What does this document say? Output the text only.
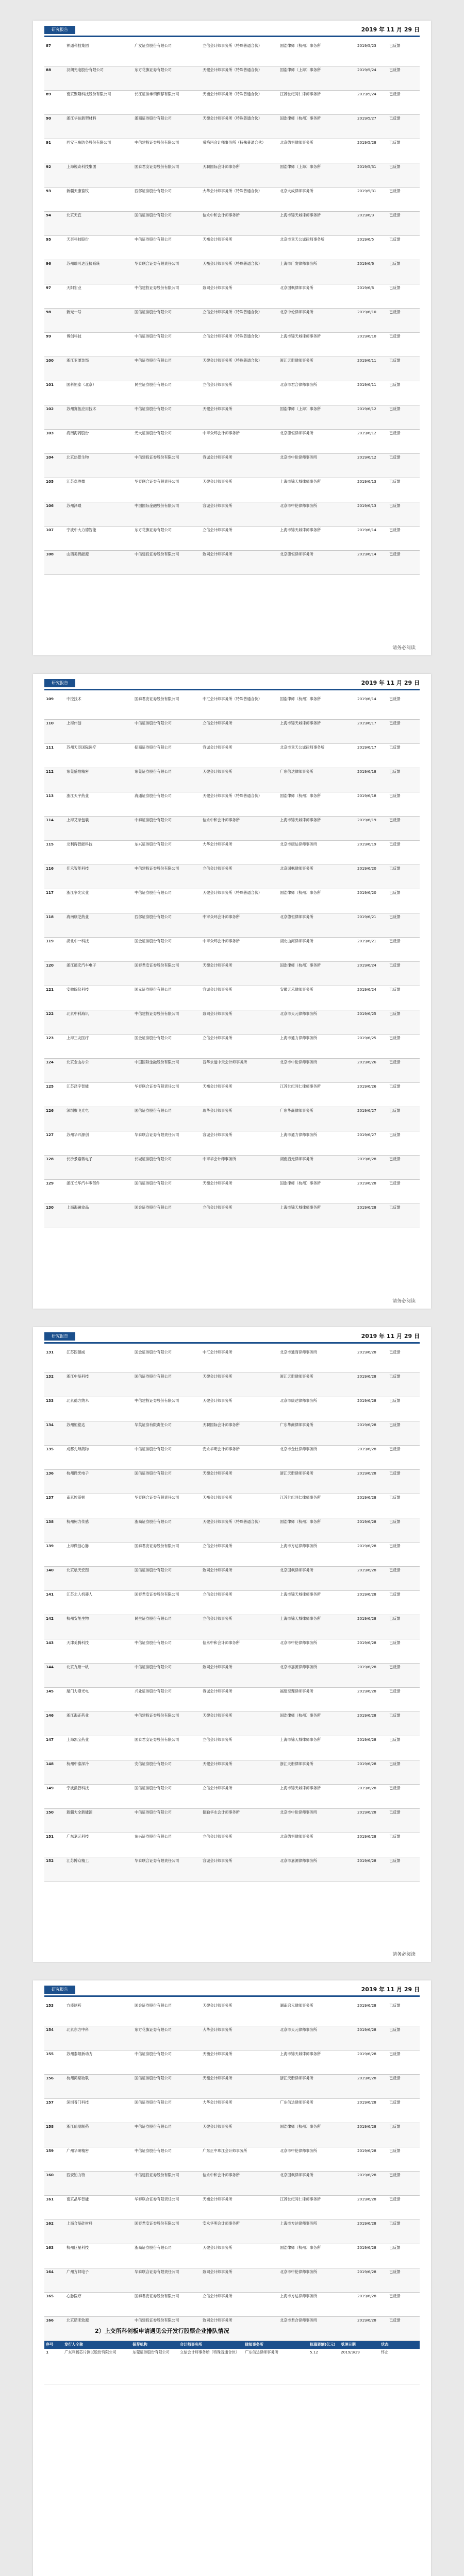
研究报告	2019 年 11 月 29 日
87	神通科技集团	广发证券股份有限公司	立信会计师事务所（特殊普通合伙）	国浩律师（杭州）事务所	2019/5/23	已反馈
88	汉朗光电股份有限公司	东方花旗证券有限公司	天健会计师事务所（特殊普通合伙）	国浩律师（上海）事务所	2019/5/24	已反馈
89	南京聚隆科技股份有限公司	长江证券承销保荐有限公司	天衡会计师事务所（特殊普通合伙）	江苏世纪同仁律师事务所	2019/5/24	已反馈
90	浙江华达新型材料	浙商证券股份有限公司	天健会计师事务所（特殊普通合伙）	国浩律师（杭州）事务所	2019/5/27	已反馈
91	西安三角防务股份有限公司	中信建投证券股份有限公司	希格玛会计师事务所（特殊普通合伙）	北京德恒律师事务所	2019/5/28	已反馈
92	上海锐奇科技集团	国泰君安证券股份有限公司	天职国际会计师事务所	国浩律师（上海）事务所	2019/5/31	已反馈
93	新疆天康畜牧	西部证券股份有限公司	大华会计师事务所（特殊普通合伙）	北京大成律师事务所	2019/5/31	已反馈
94	北京天宜	国信证券股份有限公司	信永中和会计师事务所	上海市锦天城律师事务所	2019/6/3	已反馈
95	天奈科技股份	中信证券股份有限公司	天衡会计师事务所	北京市竞天公诚律师事务所	2019/6/5	已反馈
96	苏州瑞可达连接系统	华泰联合证券有限责任公司	天衡会计师事务所（特殊普通合伙）	上海市广发律师事务所	2019/6/6	已反馈
97	天阳宏业	中信建投证券股份有限公司	致同会计师事务所	北京国枫律师事务所	2019/6/6	已反馈
98	新光一号	国信证券股份有限公司	立信会计师事务所（特殊普通合伙）	北京中伦律师事务所	2019/6/10	已反馈
99	博创科技	中信证券股份有限公司	立信会计师事务所（特殊普通合伙）	上海市锦天城律师事务所	2019/6/10	已反馈
100	浙江亚厦装饰	中信证券股份有限公司	天健会计师事务所（特殊普通合伙）	浙江天册律师事务所	2019/6/11	已反馈
101	国科恒泰（北京）	民生证券股份有限公司	立信会计师事务所	北京市君合律师事务所	2019/6/11	已反馈
102	苏州赛伍应用技术	中信证券股份有限公司	天健会计师事务所	国浩律师（上海）事务所	2019/6/12	已反馈
103	海南海药股份	光大证券股份有限公司	中审众环会计师事务所	北京德恒律师事务所	2019/6/12	已反馈
104	北京热景生物	中信建投证券股份有限公司	容诚会计师事务所	北京市中伦律师事务所	2019/6/12	已反馈
105	江苏卓胜微	华泰联合证券有限责任公司	天健会计师事务所	上海市锦天城律师事务所	2019/6/13	已反馈
106	苏州泽璟	中国国际金融股份有限公司	容诚会计师事务所	北京市中伦律师事务所	2019/6/13	已反馈
107	宁波中大力德智能	东方花旗证券有限公司	立信会计师事务所	上海市锦天城律师事务所	2019/6/14	已反馈
108	山西美锦能源	中信建投证券股份有限公司	致同会计师事务所	北京德恒律师事务所	2019/6/14	已反馈
请务必阅读
研究报告	2019 年 11 月 29 日
109	中控技术	国泰君安证券股份有限公司	中汇会计师事务所（特殊普通合伙）	国浩律师（杭州）事务所	2019/6/14	已反馈
110	上海伟创	中信证券股份有限公司	立信会计师事务所	上海市锦天城律师事务所	2019/6/17	已反馈
111	苏州天臣国际医疗	招商证券股份有限公司	容诚会计师事务所	北京市竞天公诚律师事务所	2019/6/17	已反馈
112	东莞盛翔精密	东莞证券股份有限公司	天健会计师事务所	广东信达律师事务所	2019/6/18	已反馈
113	浙江天宇药业	海通证券股份有限公司	天健会计师事务所（特殊普通合伙）	国浩律师（杭州）事务所	2019/6/18	已反馈
114	上海艾录包装	中泰证券股份有限公司	信永中和会计师事务所	上海市锦天城律师事务所	2019/6/19	已反馈
115	龙利得智能科技	东兴证券股份有限公司	大华会计师事务所	北京市康达律师事务所	2019/6/19	已反馈
116	佳禾智能科技	中信建投证券股份有限公司	立信会计师事务所	北京国枫律师事务所	2019/6/20	已反馈
117	浙江争光实业	中信证券股份有限公司	天健会计师事务所（特殊普通合伙）	国浩律师（杭州）事务所	2019/6/20	已反馈
118	海南康芝药业	西部证券股份有限公司	中审众环会计师事务所	北京德恒律师事务所	2019/6/21	已反馈
119	湖北中一科技	国金证券股份有限公司	中审众环会计师事务所	湖北山河律师事务所	2019/6/21	已反馈
120	浙江德宏汽车电子	国泰君安证券股份有限公司	天健会计师事务所	国浩律师（杭州）事务所	2019/6/24	已反馈
121	安徽皖仪科技	国元证券股份有限公司	容诚会计师事务所	安徽天禾律师事务所	2019/6/24	已反馈
122	北京中科海讯	中信建投证券股份有限公司	致同会计师事务所	北京市天元律师事务所	2019/6/25	已反馈
123	上海三友医疗	国金证券股份有限公司	立信会计师事务所	上海市通力律师事务所	2019/6/25	已反馈
124	北京金山办公	中国国际金融股份有限公司	普华永道中天会计师事务所	北京市中伦律师事务所	2019/6/26	已反馈
125	江苏泽宇智能	华泰联合证券有限责任公司	天衡会计师事务所	江苏世纪同仁律师事务所	2019/6/26	已反馈
126	深圳聚飞光电	国信证券股份有限公司	瑞华会计师事务所	广东华商律师事务所	2019/6/27	已反馈
127	苏州华兴源创	华泰联合证券有限责任公司	容诚会计师事务所	上海市通力律师事务所	2019/6/27	已反馈
128	长沙景嘉微电子	长城证券股份有限公司	中审华会计师事务所	湖南启元律师事务所	2019/6/28	已反馈
129	浙江长华汽车零部件	国信证券股份有限公司	天健会计师事务所	国浩律师（杭州）事务所	2019/6/28	已反馈
130	上海海融食品	国金证券股份有限公司	立信会计师事务所	上海市锦天城律师事务所	2019/6/28	已反馈
请务必阅读
研究报告	2019 年 11 月 29 日
131	江苏固德威	国金证券股份有限公司	中汇会计师事务所	北京市通商律师事务所	2019/6/28	已反馈
132	浙江中晶科技	国信证券股份有限公司	天健会计师事务所	浙江天册律师事务所	2019/6/28	已反馈
133	北京德方纳米	中信建投证券股份有限公司	天健会计师事务所	北京市康达律师事务所	2019/6/28	已反馈
134	苏州恒铭达	华英证券有限责任公司	天职国际会计师事务所	广东华商律师事务所	2019/6/28	已反馈
135	成都先导药物	中信证券股份有限公司	安永华明会计师事务所	北京市金杜律师事务所	2019/6/28	已反馈
136	杭州微光电子	国信证券股份有限公司	天健会计师事务所	浙江天册律师事务所	2019/6/28	已反馈
137	南京埃斯顿	华泰联合证券有限责任公司	天衡会计师事务所	江苏世纪同仁律师事务所	2019/6/28	已反馈
138	杭州柯力传感	浙商证券股份有限公司	天健会计师事务所（特殊普通合伙）	国浩律师（杭州）事务所	2019/6/28	已反馈
139	上海微创心脉	国泰君安证券股份有限公司	立信会计师事务所	上海市方达律师事务所	2019/6/28	已反馈
140	北京航天宏图	国信证券股份有限公司	致同会计师事务所	北京国枫律师事务所	2019/6/28	已反馈
141	江苏北人机器人	国泰君安证券股份有限公司	立信会计师事务所	上海市锦天城律师事务所	2019/6/28	已反馈
142	杭州安旭生物	民生证券股份有限公司	立信会计师事务所	上海市锦天城律师事务所	2019/6/28	已反馈
143	天津美腾科技	中信证券股份有限公司	信永中和会计师事务所	北京市中伦律师事务所	2019/6/28	已反馈
144	北京九州一轨	中信证券股份有限公司	致同会计师事务所	北京市嘉源律师事务所	2019/6/28	已反馈
145	厦门力鼎光电	兴业证券股份有限公司	容诚会计师事务所	福建至理律师事务所	2019/6/28	已反馈
146	浙江海正药业	中信建投证券股份有限公司	天健会计师事务所	国浩律师（杭州）事务所	2019/6/28	已反馈
147	上海凯宝药业	国泰君安证券股份有限公司	立信会计师事务所	上海市锦天城律师事务所	2019/6/28	已反馈
148	杭州中泰深冷	安信证券股份有限公司	天健会计师事务所	浙江天册律师事务所	2019/6/28	已反馈
149	宁波激智科技	国信证券股份有限公司	立信会计师事务所	上海市锦天城律师事务所	2019/6/28	已反馈
150	新疆大全新能源	中信证券股份有限公司	德勤华永会计师事务所	北京市中伦律师事务所	2019/6/28	已反馈
151	广东嘉元科技	东兴证券股份有限公司	立信会计师事务所	北京德恒律师事务所	2019/6/28	已反馈
152	江苏博众精工	华泰联合证券有限责任公司	容诚会计师事务所	北京市嘉源律师事务所	2019/6/28	已反馈
请务必阅读
研究报告	2019 年 11 月 29 日
153	方盛制药	国金证券股份有限公司	天健会计师事务所	湖南启元律师事务所	2019/6/28	已反馈
154	北京东方中科	东方花旗证券有限公司	大华会计师事务所	北京市天元律师事务所	2019/6/28	已反馈
155	苏州泰坦新动力	中信证券股份有限公司	天衡会计师事务所	上海市锦天城律师事务所	2019/6/28	已反馈
156	杭州鸿泉物联	国信证券股份有限公司	天健会计师事务所	浙江天册律师事务所	2019/6/28	已反馈
157	深圳普门科技	国信证券股份有限公司	大华会计师事务所	广东信达律师事务所	2019/6/28	已反馈
158	浙江仙琚制药	中信证券股份有限公司	天健会计师事务所	国浩律师（杭州）事务所	2019/6/28	已反馈
159	广州华研精密	中信证券股份有限公司	广东正中珠江会计师事务所	北京市中伦律师事务所	2019/6/28	已反馈
160	西安铂力特	中信建投证券股份有限公司	信永中和会计师事务所	北京国枫律师事务所	2019/6/28	已反馈
161	南京晶华智能	华泰联合证券有限责任公司	天衡会计师事务所	江苏世纪同仁律师事务所	2019/6/28	已反馈
162	上海合晶硅材料	国泰君安证券股份有限公司	安永华明会计师事务所	上海市方达律师事务所	2019/6/28	已反馈
163	杭州巨星科技	浙商证券股份有限公司	天健会计师事务所	国浩律师（杭州）事务所	2019/6/28	已反馈
164	广州方邦电子	华泰联合证券有限责任公司	致同会计师事务所	北京市中伦律师事务所	2019/6/28	已反馈
165	心脉医疗	国泰君安证券股份有限公司	立信会计师事务所	上海市方达律师事务所	2019/6/28	已反馈
166	北京诺禾致源	中信建投证券股份有限公司	致同会计师事务所	北京市君合律师事务所	2019/6/28	已反馈
2）上交所科创板申请遇见公开发行股票企业排队情况
序号	发行人全称	保荐机构	会计师事务所	律师事务所	拟募资额(亿元)	受理日期	状态
1	广东利扬芯片测试股份有限公司	东莞证券股份有限公司	立信会计师事务所（特殊普通合伙）	广东信达律师事务所	5.12	2019/3/29	终止
